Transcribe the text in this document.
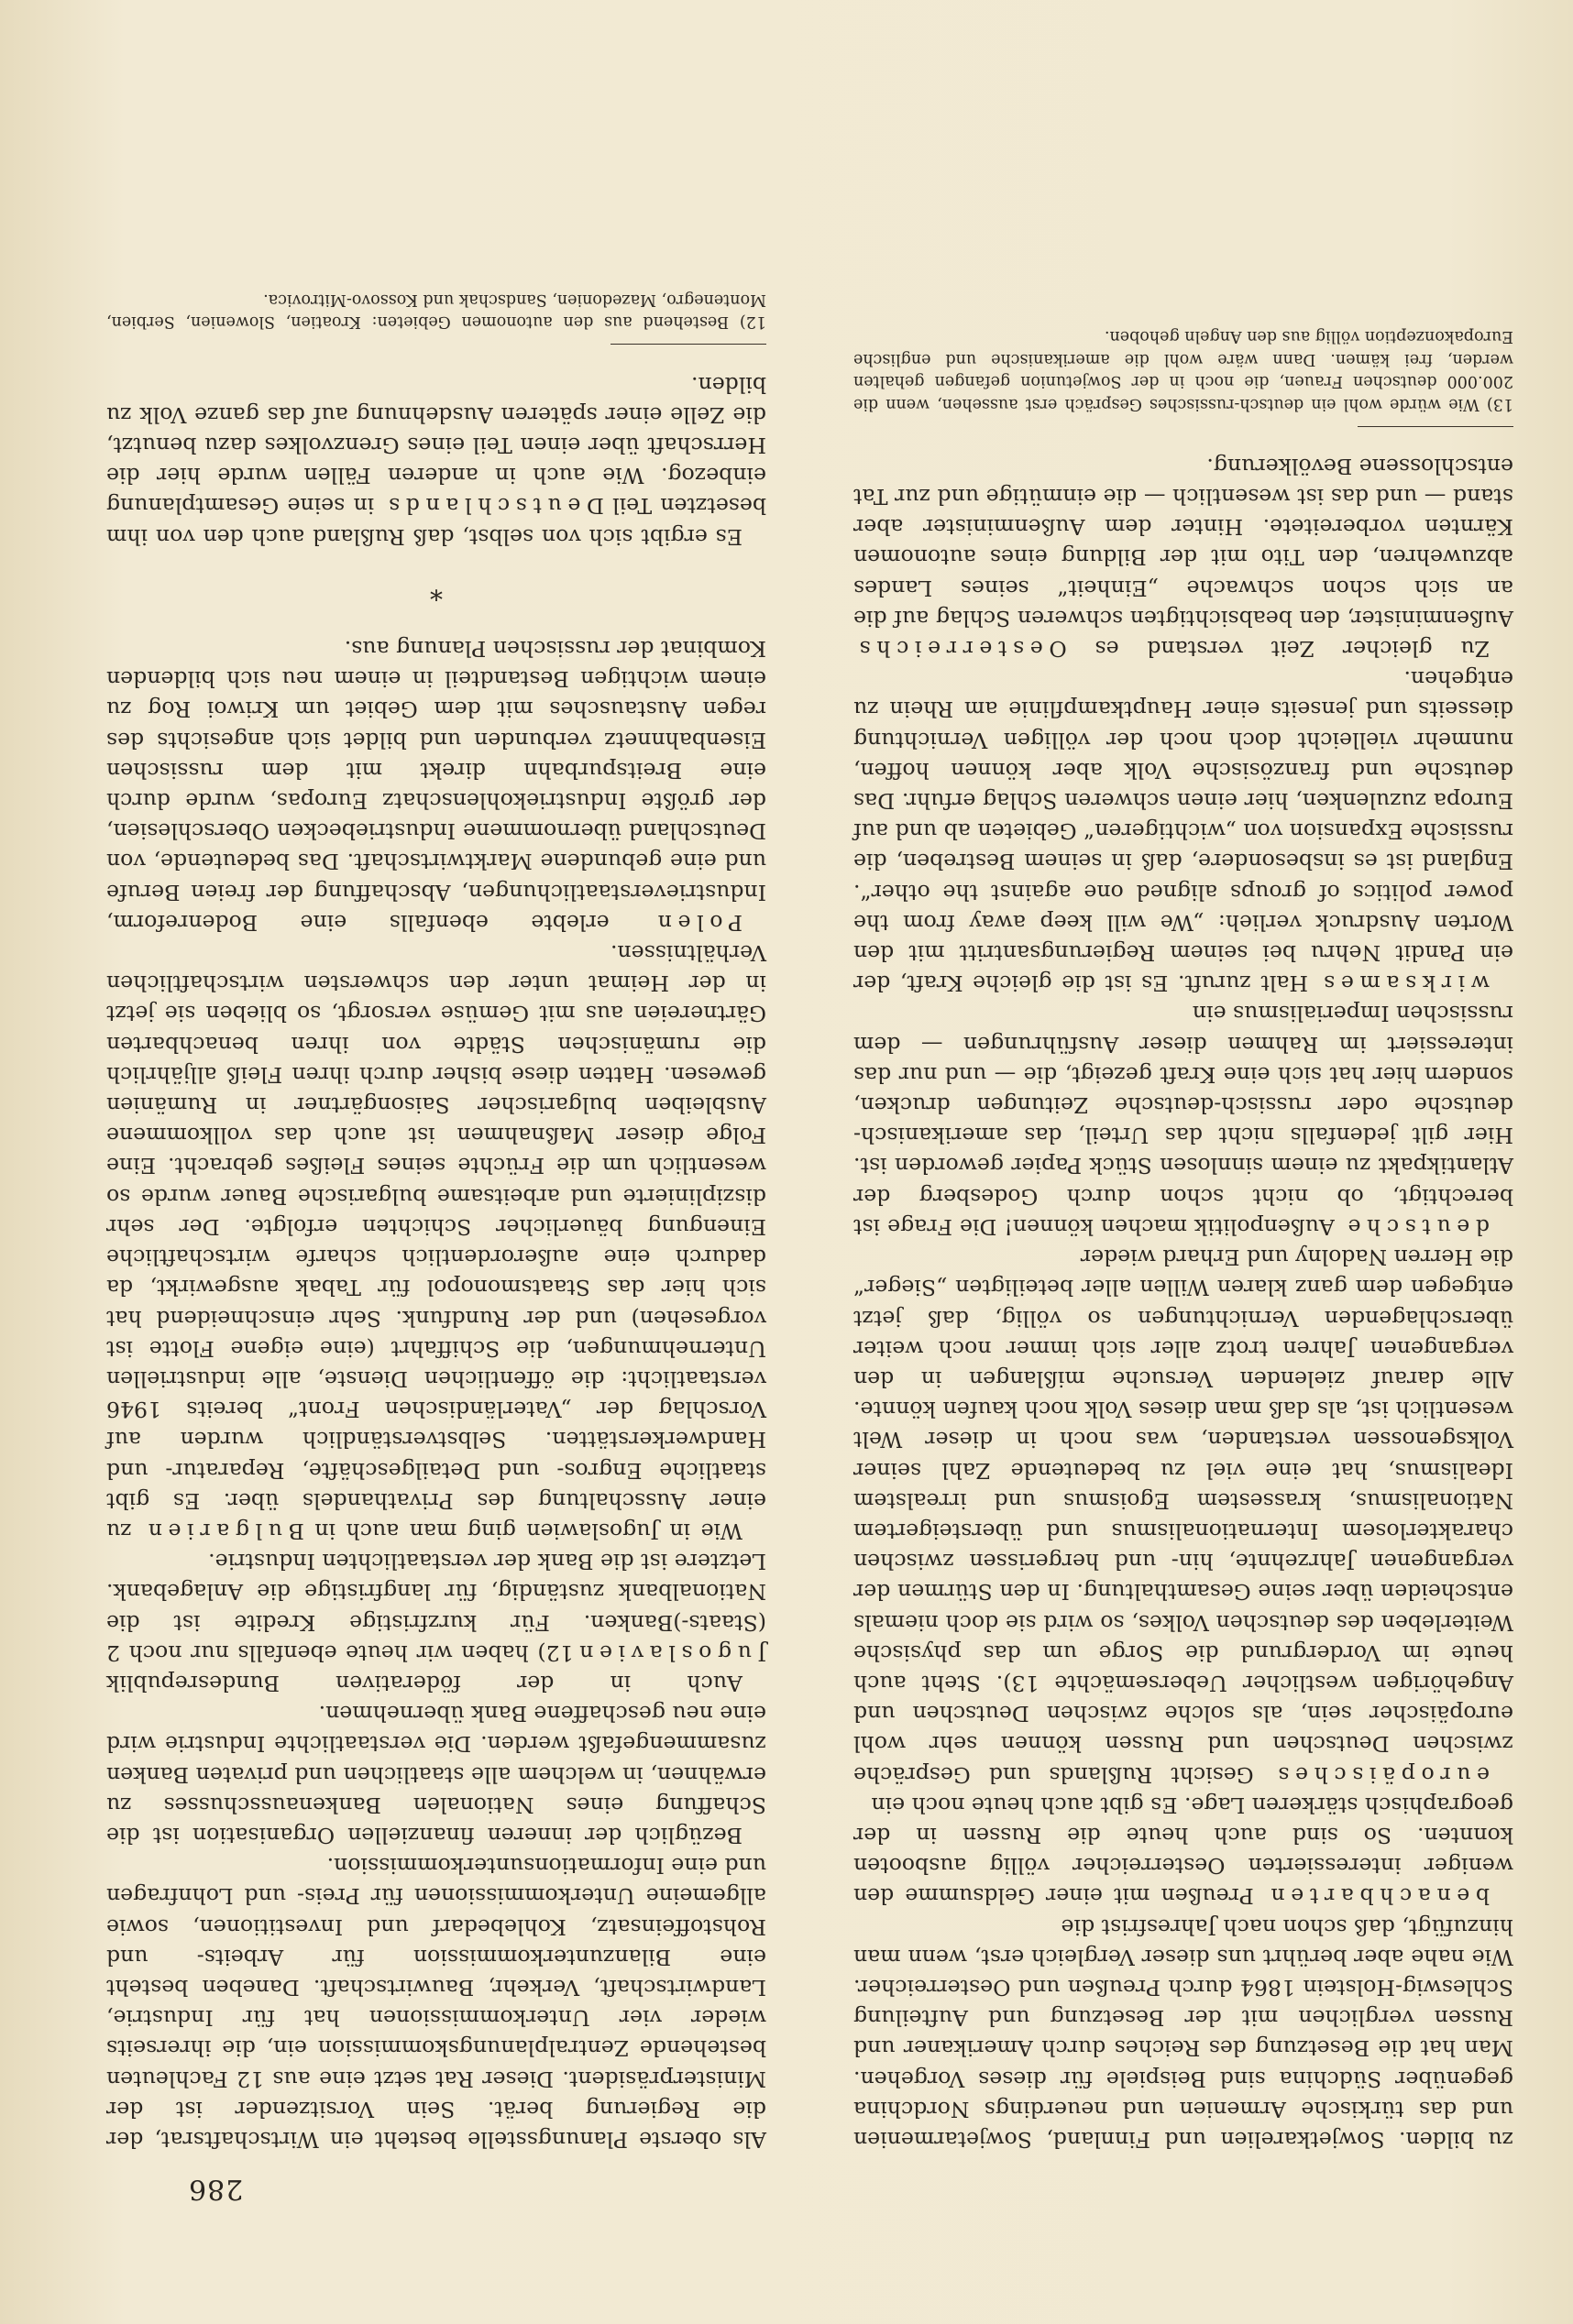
286

zu bilden. Sowjetkarelien und Finnland, Sowjetarmenien und das türkische Armenien und neuerdings Nordchina gegenüber Südchina sind Beispiele für dieses Vorgehen. Man hat die Besetzung des Reiches durch Amerikaner und Russen verglichen mit der Besetzung und Aufteilung Schleswig-Holstein 1864 durch Preußen und Oesterreicher. Wie nahe aber berührt uns dieser Vergleich erst, wenn man hinzufügt, daß schon nach Jahresfrist die

benachbarten Preußen mit einer Geldsumme den weniger interessierten Oesterreicher völlig ausbooten konnten. So sind auch heute die Russen in der geographisch stärkeren Lage. Es gibt auch heute noch ein

europäisches Gesicht Rußlands und Gespräche zwischen Deutschen und Russen können sehr wohl europäischer sein, als solche zwischen Deutschen und Angehörigen westlicher Uebersemächte 13). Steht auch heute im Vordergrund die Sorge um das physische Weiterleben des deutschen Volkes, so wird sie doch niemals entscheiden über seine Gesamthaltung. In den Stürmen der vergangenen Jahrzehnte, hin- und hergerissen zwischen charakterlosem Internationalismus und übersteigertem Nationalismus, krassestem Egoismus und irrealstem Idealismus, hat eine viel zu bedeutende Zahl seiner Volksgenossen verstanden, was noch in dieser Welt wesentlich ist, als daß man dieses Volk noch kaufen könnte. Alle darauf zielenden Versuche mißlangen in den vergangenen Jahren trotz aller sich immer noch weiter überschlagenden Vernichtungen so völlig, daß jetzt entgegen dem ganz klaren Willen aller beteiligten „Sieger“ die Herren Nadolny und Erhard wieder

deutsche Außenpolitik machen können! Die Frage ist berechtigt, ob nicht schon durch Godesberg der Atlantikpakt zu einem sinnlosen Stück Papier geworden ist. Hier gilt jedenfalls nicht das Urteil, das amerikanisch-deutsche oder russisch-deutsche Zeitungen drucken, sondern hier hat sich eine Kraft gezeigt, die — und nur das interessiert im Rahmen dieser Ausführungen — dem russischen Imperialismus ein

wirksames Halt zuruft. Es ist die gleiche Kraft, der ein Pandit Nehru bei seinem Regierungsantritt mit den Worten Ausdruck verlieh: „We will keep away from the power politics of groups aligned one against the other“. England ist es insbesondere, daß in seinem Bestreben, die russische Expansion von „wichtigeren“ Gebieten ab und auf Europa zuzulenken, hier einen schweren Schlag erfuhr. Das deutsche und französische Volk aber können hoffen, nunmehr vielleicht doch noch der völligen Vernichtung diesseits und jenseits einer Hauptkampflinie am Rhein zu entgehen.

Zu gleicher Zeit verstand es Oesterreichs Außenminister, den beabsichtigten schweren Schlag auf die an sich schon schwache „Einheit“ seines Landes abzuwehren, den Tito mit der Bildung eines autonomen Kärnten vorbereitete. Hinter dem Außenminister aber stand — und das ist wesentlich — die einmütige und zur Tat entschlossene Bevölkerung.

13) Wie würde wohl ein deutsch-russisches Gespräch erst aussehen, wenn die 200.000 deutschen Frauen, die noch in der Sowjetunion gefangen gehalten werden, frei kämen. Dann wäre wohl die amerikanische und englische Europakonzeption völlig aus den Angeln gehoben.

Als oberste Planungsstelle besteht ein Wirtschaftsrat, der die Regierung berät. Sein Vorsitzender ist der Ministerpräsident. Dieser Rat setzt eine aus 12 Fachleuten bestehende Zentralplanungskommission ein, die ihrerseits wieder vier Unterkommissionen hat für Industrie, Landwirtschaft, Verkehr, Bauwirtschaft. Daneben besteht eine Bilanzunterkommission für Arbeits- und Rohstoffeinsatz, Kohlebedarf und Investitionen, sowie allgemeine Unterkommissionen für Preis- und Lohnfragen und eine Informationsunterkommission.

Bezüglich der inneren finanziellen Organisation ist die Schaffung eines Nationalen Bankenausschusses zu erwähnen, in welchem alle staatlichen und privaten Banken zusammengefaßt werden. Die verstaatlichte Industrie wird eine neu geschaffene Bank übernehmen.

Auch in der föderativen Bundesrepublik Jugoslavien12) haben wir heute ebenfalls nur noch 2 (Staats-)Banken. Für kurzfristige Kredite ist die Nationalbank zuständig, für langfristige die Anlagebank. Letztere ist die Bank der verstaatlichten Industrie.

Wie in Jugoslawien ging man auch in Bulgarien zu einer Ausschaltung des Privathandels über. Es gibt staatliche Engros- und Detailgeschäfte, Reparatur- und Handwerkerstätten. Selbstverständlich wurden auf Vorschlag der „Vaterländischen Front“ bereits 1946 verstaatlicht: die öffentlichen Dienste, alle industriellen Unternehmungen, die Schiffahrt (eine eigene Flotte ist vorgesehen) und der Rundfunk. Sehr einschneidend hat sich hier das Staatsmonopol für Tabak ausgewirkt, da dadurch eine außerordentlich scharfe wirtschaftliche Einengung bäuerlicher Schichten erfolgte. Der sehr disziplinierte und arbeitsame bulgarische Bauer wurde so wesentlich um die Früchte seines Fleißes gebracht. Eine Folge dieser Maßnahmen ist auch das vollkommene Ausbleiben bulgarischer Saisongärtner in Rumänien gewesen. Hatten diese bisher durch ihren Fleiß alljährlich die rumänischen Städte von ihren benachbarten Gärtnereien aus mit Gemüse versorgt, so blieben sie jetzt in der Heimat unter den schwersten wirtschaftlichen Verhältnissen.

Polen erlebte ebenfalls eine Bodenreform, Industrieverstaatlichungen, Abschaffung der freien Berufe und eine gebundene Marktwirtschaft. Das bedeutende, von Deutschland übernommene Industriebecken Oberschlesien, der größte Industriekohlenschatz Europas, wurde durch eine Breitspurbahn direkt mit dem russischen Eisenbahnnetz verbunden und bildet sich angesichts des regen Austausches mit dem Gebiet um Kriwoi Rog zu einem wichtigen Bestandteil in einem neu sich bildenden Kombinat der russischen Planung aus.

*

Es ergibt sich von selbst, daß Rußland auch den von ihm besetzten Teil Deutschlands in seine Gesamtplanung einbezog. Wie auch in anderen Fällen wurde hier die Herrschaft über einen Teil eines Grenzvolkes dazu benutzt, die Zelle einer späteren Ausdehnung auf das ganze Volk zu bilden.

12) Bestehend aus den autonomen Gebieten: Kroatien, Slowenien, Serbien, Montenegro, Mazedonien, Sandschak und Kossovo-Mitrovica.
